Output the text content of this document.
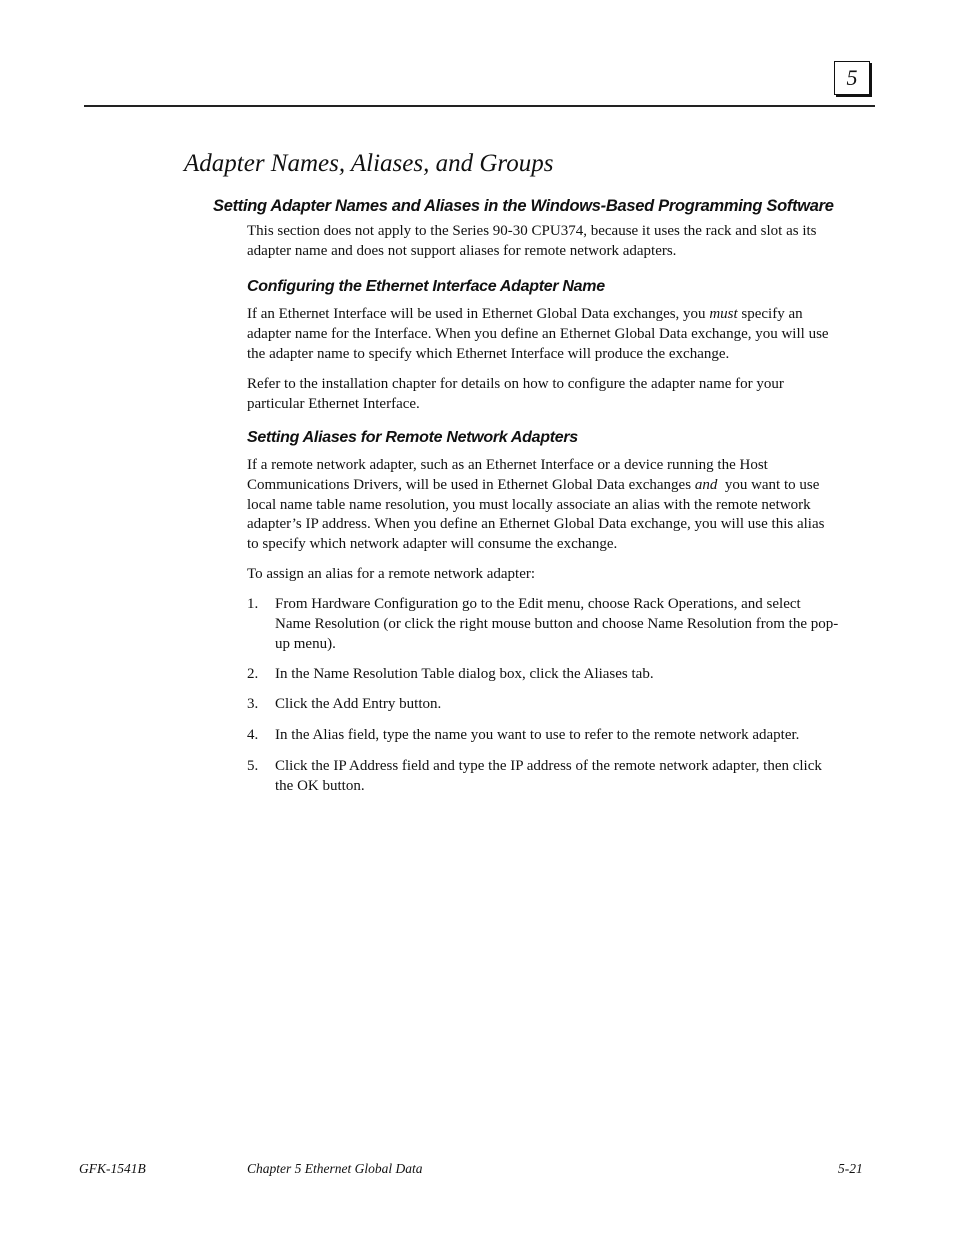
5
Adapter Names, Aliases, and Groups
Setting Adapter Names and Aliases in the Windows-Based Programming Software
This section does not apply to the Series 90-30 CPU374, because it uses the rack and slot as its
adapter name and does not support aliases for remote network adapters.
Configuring the Ethernet Interface Adapter Name
If an Ethernet Interface will be used in Ethernet Global Data exchanges, you must specify an
adapter name for the Interface. When you define an Ethernet Global Data exchange, you will use
the adapter name to specify which Ethernet Interface will produce the exchange.
Refer to the installation chapter for details on how to configure the adapter name for your
particular Ethernet Interface.
Setting Aliases for Remote Network Adapters
If a remote network adapter, such as an Ethernet Interface or a device running the Host
Communications Drivers, will be used in Ethernet Global Data exchanges and  you want to use
local name table name resolution, you must locally associate an alias with the remote network
adapter’s IP address. When you define an Ethernet Global Data exchange, you will use this alias
to specify which network adapter will consume the exchange.
To assign an alias for a remote network adapter:
1. From Hardware Configuration go to the Edit menu, choose Rack Operations, and select
Name Resolution (or click the right mouse button and choose Name Resolution from the pop-
up menu).
2. In the Name Resolution Table dialog box, click the Aliases tab.
3. Click the Add Entry button.
4. In the Alias field, type the name you want to use to refer to the remote network adapter.
5. Click the IP Address field and type the IP address of the remote network adapter, then click
the OK button.
GFK-1541B	Chapter 5 Ethernet Global Data	5-21
